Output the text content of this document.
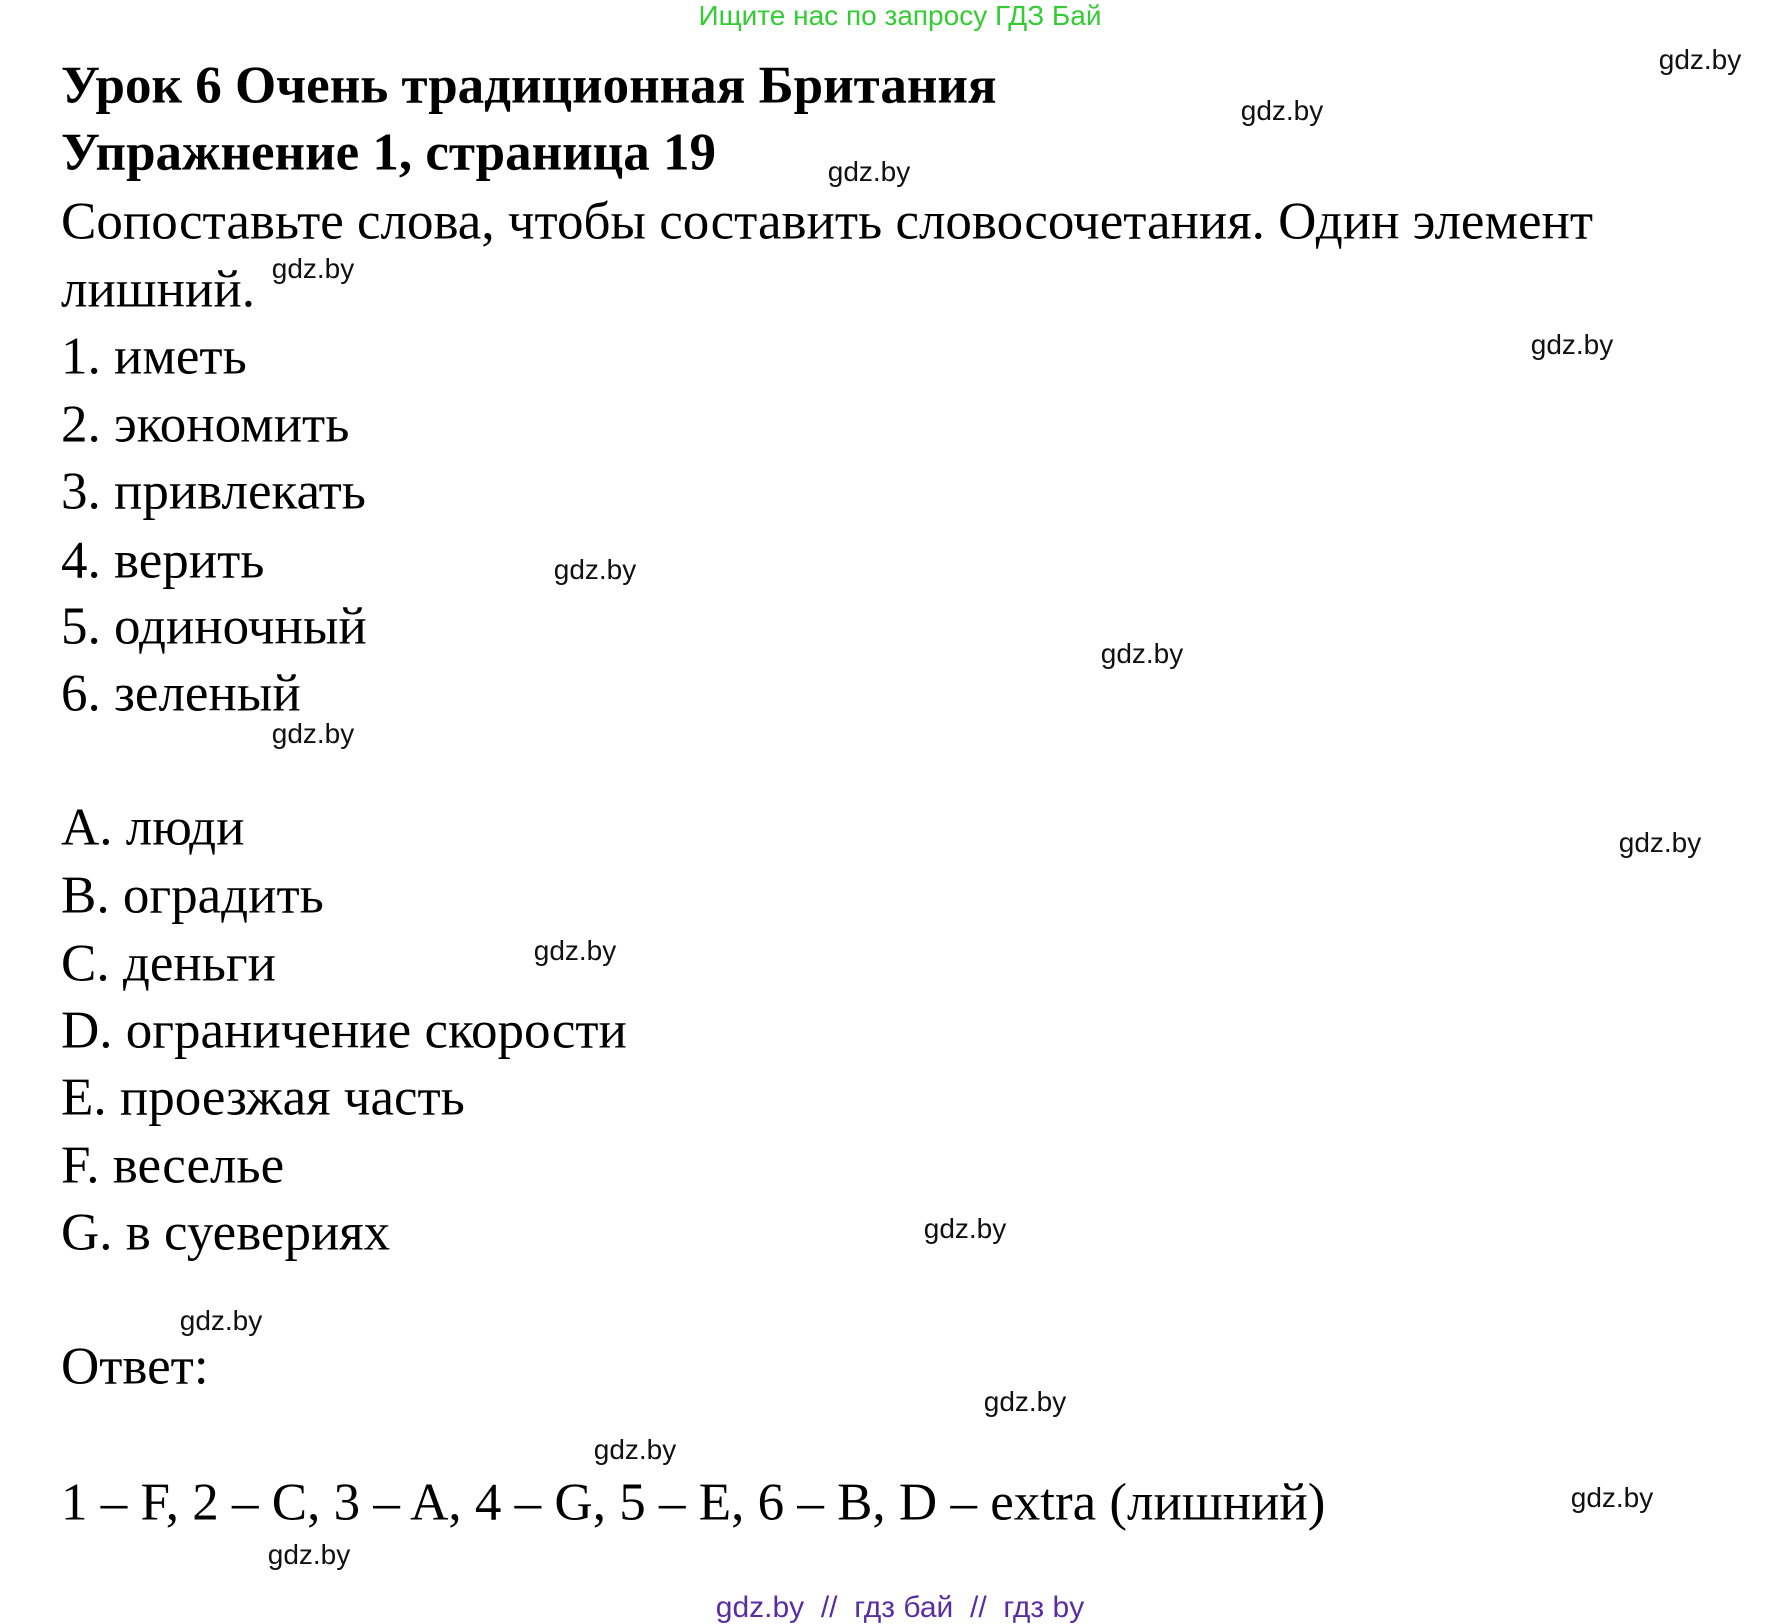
Ищите нас по запросу ГДЗ Бай
Урок 6 Очень традиционная Британия
Упражнение 1, страница 19
Сопоставьте слова, чтобы составить словосочетания. Один элемент
лишний.
1. иметь
2. экономить
3. привлекать
4. верить
5. одиночный
6. зеленый
A. люди
B. оградить
C. деньги
D. ограничение скорости
E. проезжая часть
F. веселье
G. в суевериях
Ответ:
1 – F, 2 – C, 3 – A, 4 – G, 5 – E, 6 – B, D – extra (лишний)
gdz.by
gdz.by
gdz.by
gdz.by
gdz.by
gdz.by
gdz.by
gdz.by
gdz.by
gdz.by
gdz.by
gdz.by
gdz.by
gdz.by
gdz.by
gdz.by
gdz.by  //  гдз бай  //  гдз by
